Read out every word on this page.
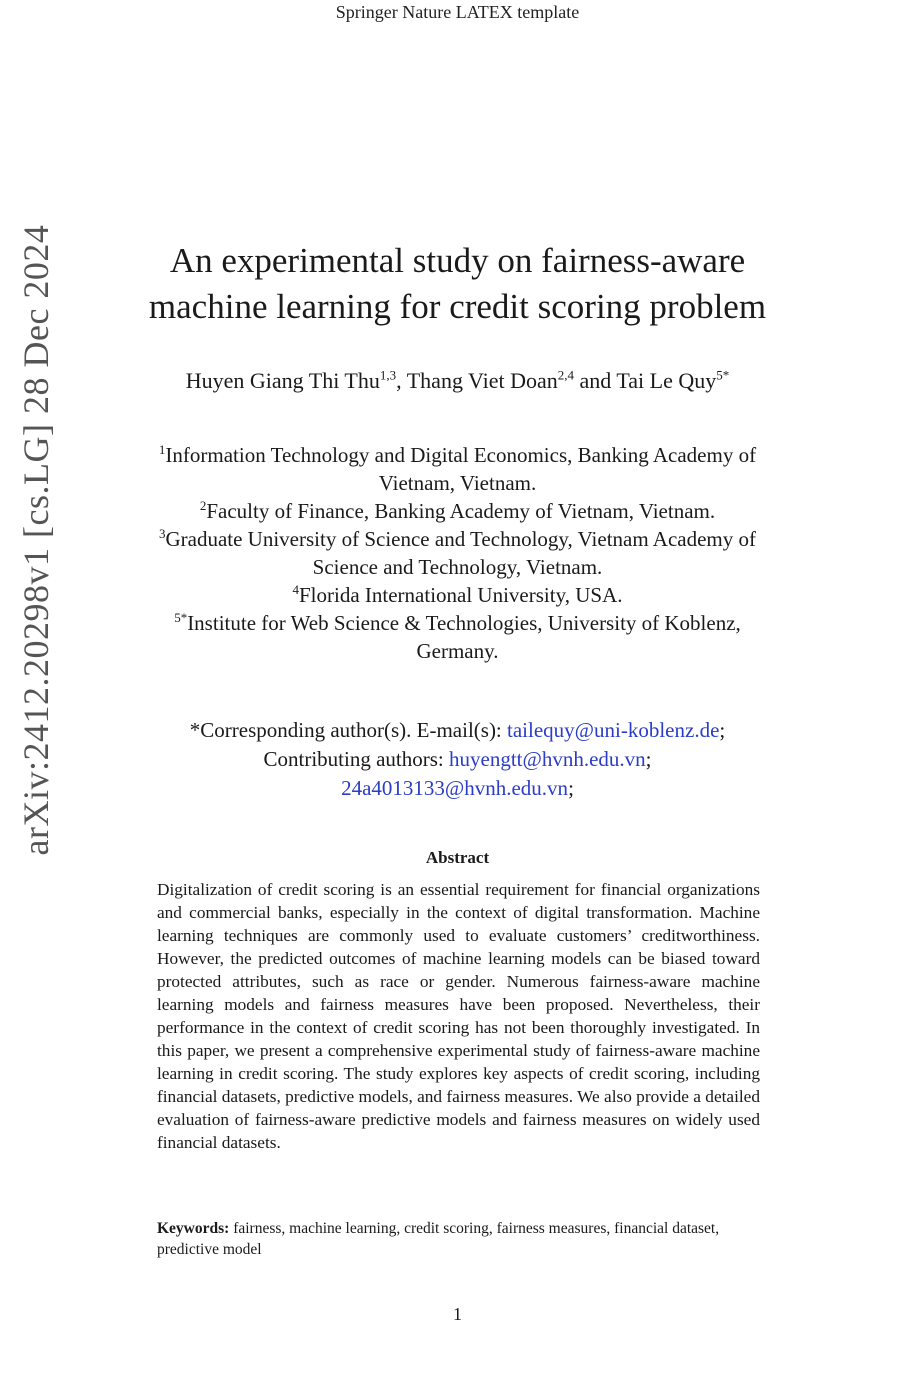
Springer Nature LATEX template
arXiv:2412.20298v1 [cs.LG] 28 Dec 2024	An experimental study on fairness-aware
machine learning for credit scoring problem
Huyen Giang Thi Thu$^{1,3}$, Thang Viet Doan$^{2,4}$ and Tai Le Quy$^{5*}$
$^1$Information Technology and Digital Economics, Banking Academy of Vietnam, Vietnam.
$^2$Faculty of Finance, Banking Academy of Vietnam, Vietnam.
$^3$Graduate University of Science and Technology, Vietnam Academy of Science and Technology, Vietnam.
$^4$Florida International University, USA.
$^{5*}$Institute for Web Science & Technologies, University of Koblenz, Germany.
*Corresponding author(s). E-mail(s): tailequy@uni-koblenz.de;
Contributing authors: huyengtt@hvnh.edu.vn;
24a4013133@hvnh.edu.vn;
Abstract

Digitalization of credit scoring is an essential requirement for financial organizations and commercial banks, especially in the context of digital transformation. Machine learning techniques are commonly used to evaluate customers’ creditworthiness. However, the predicted outcomes of machine learning models can be biased toward protected attributes, such as race or gender. Numerous fairness-aware machine learning models and fairness measures have been proposed. Nevertheless, their performance in the context of credit scoring has not been thoroughly investigated. In this paper, we present a comprehensive experimental study of fairness-aware machine learning in credit scoring. The study explores key aspects of credit scoring, including financial datasets, predictive models, and fairness measures. We also provide a detailed evaluation of fairness-aware predictive models and fairness measures on widely used financial datasets.

Keywords: fairness, machine learning, credit scoring, fairness measures, financial dataset, predictive model
1
